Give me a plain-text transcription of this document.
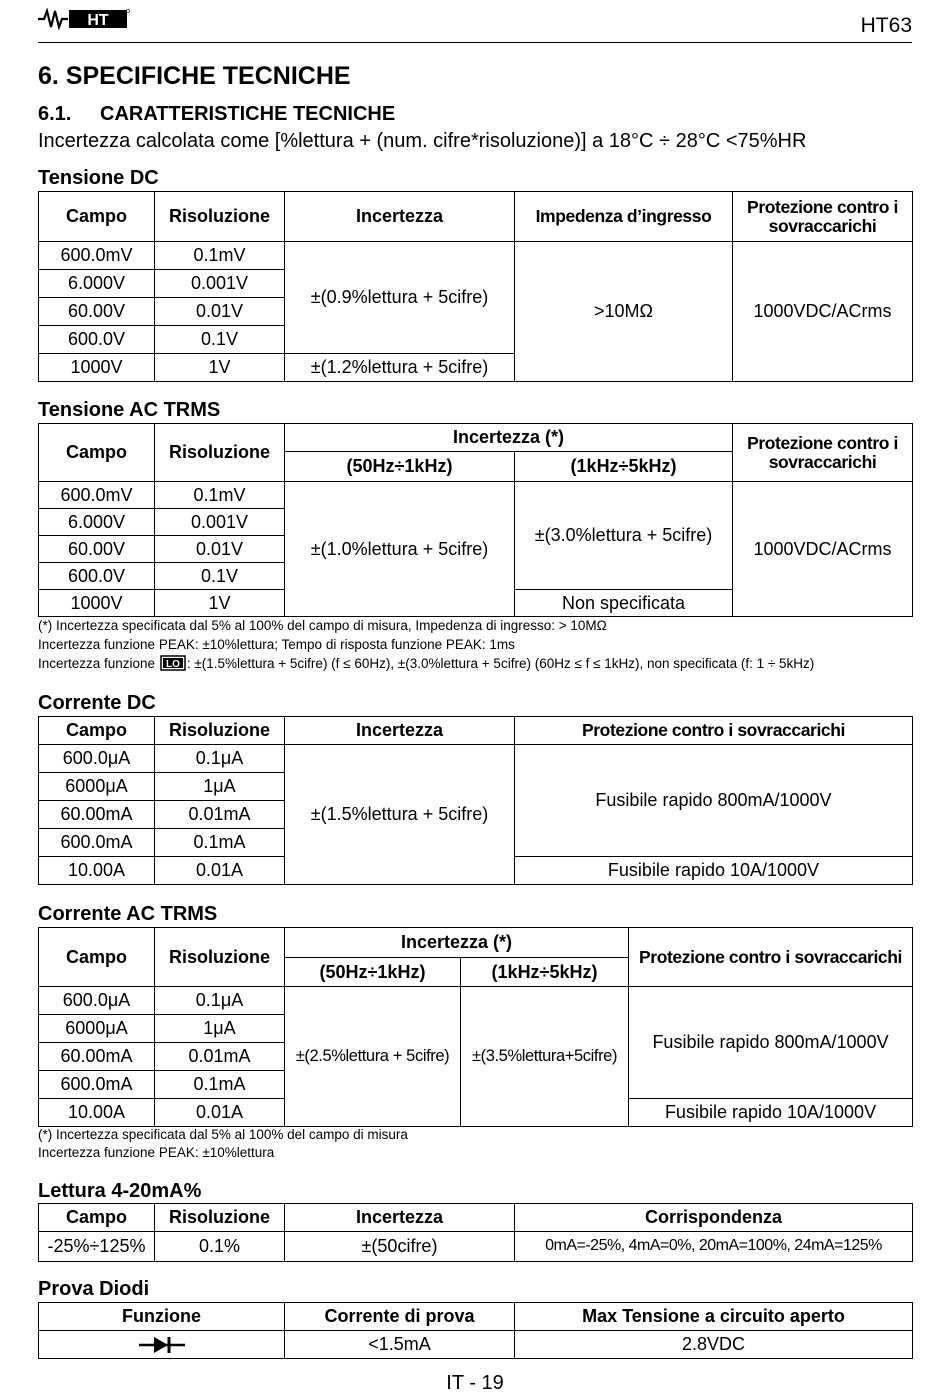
HT	HT63
6. SPECIFICHE TECNICHE
6.1. CARATTERISTICHE TECNICHE
Incertezza calcolata come [%lettura + (num. cifre*risoluzione)] a 18°C ÷ 28°C <75%HR
Tensione DC
Campo	Risoluzione	Incertezza	Impedenza d’ingresso	Protezione contro i sovraccarichi
600.0mV	0.1mV	±(0.9%lettura + 5cifre)	>10MΩ	1000VDC/ACrms
6.000V	0.001V			
60.00V	0.01V			
600.0V	0.1V			
1000V	1V	±(1.2%lettura + 5cifre)		
Tensione AC TRMS
Campo	Risoluzione	Incertezza (*)		Protezione contro i sovraccarichi
		(50Hz÷1kHz)	(1kHz÷5kHz)	
600.0mV	0.1mV	±(1.0%lettura + 5cifre)	±(3.0%lettura + 5cifre)	1000VDC/ACrms
6.000V	0.001V			
60.00V	0.01V			
600.0V	0.1V			
1000V	1V		Non specificata	
(*) Incertezza specificata dal 5% al 100% del campo di misura, Impedenza di ingresso: > 10MΩ
Incertezza funzione PEAK: ±10%lettura; Tempo di risposta funzione PEAK: 1ms
Incertezza funzione LO : ±(1.5%lettura + 5cifre) (f ≤ 60Hz), ±(3.0%lettura + 5cifre) (60Hz ≤ f ≤ 1kHz), non specificata (f: 1 ÷ 5kHz)
Corrente DC
Campo	Risoluzione	Incertezza	Protezione contro i sovraccarichi
600.0μA	0.1μA	±(1.5%lettura + 5cifre)	Fusibile rapido 800mA/1000V
6000μA	1μA		
60.00mA	0.01mA		
600.0mA	0.1mA		
10.00A	0.01A		Fusibile rapido 10A/1000V
Corrente AC TRMS
Campo	Risoluzione	Incertezza (*)		Protezione contro i sovraccarichi
		(50Hz÷1kHz)	(1kHz÷5kHz)	
600.0μA	0.1μA	±(2.5%lettura + 5cifre)	±(3.5%lettura+5cifre)	Fusibile rapido 800mA/1000V
6000μA	1μA			
60.00mA	0.01mA			
600.0mA	0.1mA			
10.00A	0.01A			Fusibile rapido 10A/1000V
(*) Incertezza specificata dal 5% al 100% del campo di misura
Incertezza funzione PEAK: ±10%lettura
Lettura 4-20mA%
Campo	Risoluzione	Incertezza	Corrispondenza
-25%÷125%	0.1%	±(50cifre)	0mA=-25%, 4mA=0%, 20mA=100%, 24mA=125%
Prova Diodi
Funzione	Corrente di prova	Max Tensione a circuito aperto
	<1.5mA	2.8VDC
IT - 19
